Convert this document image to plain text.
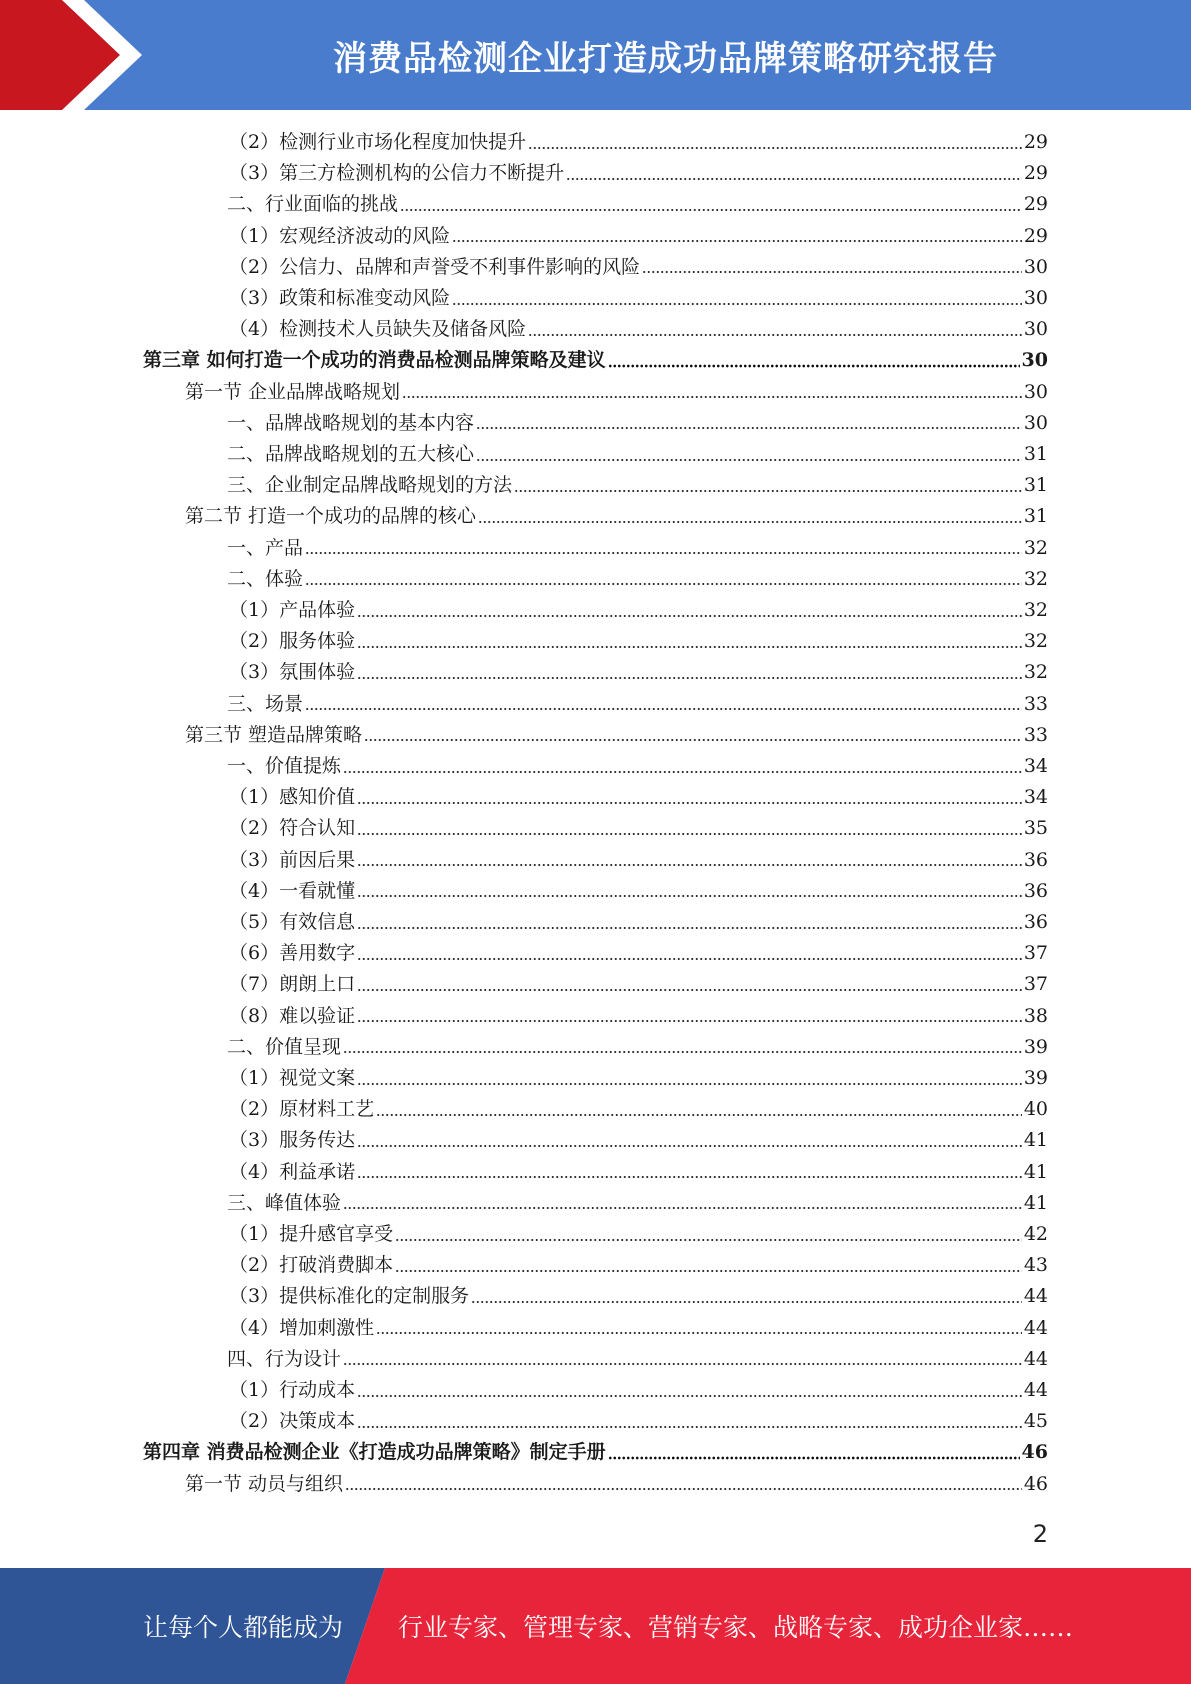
消费品检测企业打造成功品牌策略研究报告
（2）检测行业市场化程度加快提升	29
（3）第三方检测机构的公信力不断提升	29
二、行业面临的挑战	29
（1）宏观经济波动的风险	29
（2）公信力、品牌和声誉受不利事件影响的风险	30
（3）政策和标准变动风险	30
（4）检测技术人员缺失及储备风险	30
第三章 如何打造一个成功的消费品检测品牌策略及建议	30
第一节 企业品牌战略规划	30
一、品牌战略规划的基本内容	30
二、品牌战略规划的五大核心	31
三、企业制定品牌战略规划的方法	31
第二节 打造一个成功的品牌的核心	31
一、产品	32
二、体验	32
（1）产品体验	32
（2）服务体验	32
（3）氛围体验	32
三、场景	33
第三节 塑造品牌策略	33
一、价值提炼	34
（1）感知价值	34
（2）符合认知	35
（3）前因后果	36
（4）一看就懂	36
（5）有效信息	36
（6）善用数字	37
（7）朗朗上口	37
（8）难以验证	38
二、价值呈现	39
（1）视觉文案	39
（2）原材料工艺	40
（3）服务传达	41
（4）利益承诺	41
三、峰值体验	41
（1）提升感官享受	42
（2）打破消费脚本	43
（3）提供标准化的定制服务	44
（4）增加刺激性	44
四、行为设计	44
（1）行动成本	44
（2）决策成本	45
第四章 消费品检测企业《打造成功品牌策略》制定手册	46
第一节 动员与组织	46
2
让每个人都能成为 行业专家、管理专家、营销专家、战略专家、成功企业家……
